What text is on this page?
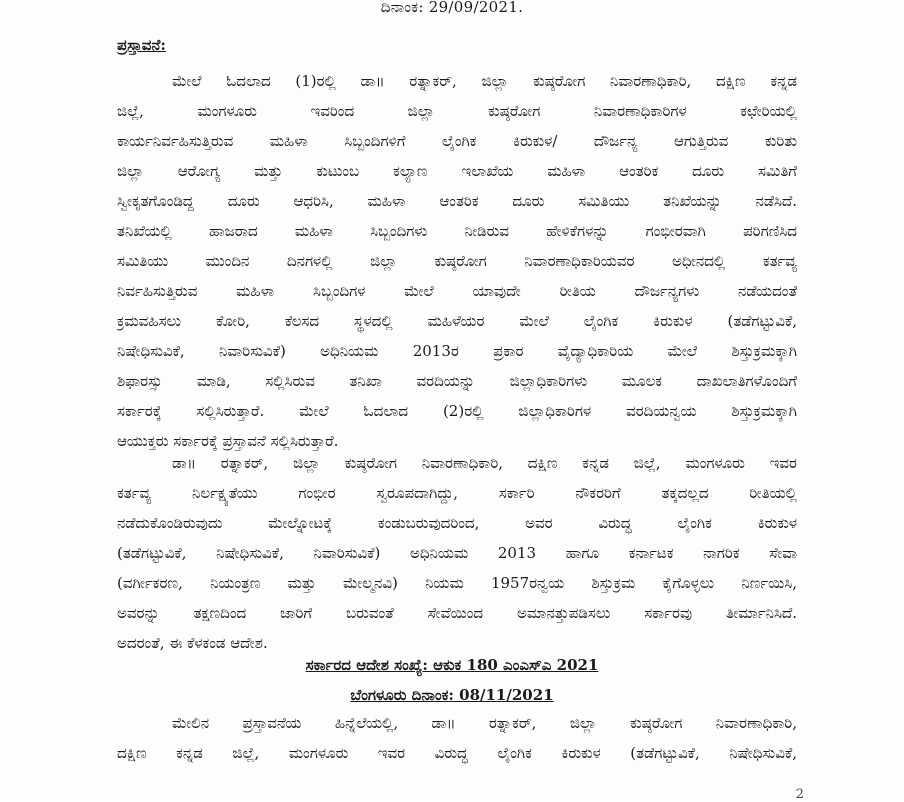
ದಿನಾಂಕ: 29/09/2021.
ಪ್ರಸ್ತಾವನೆ:
ಮೇಲೆ ಓದಲಾದ (1)ರಲ್ಲಿ ಡಾ॥ ರತ್ನಾಕರ್, ಜಿಲ್ಲಾ ಕುಷ್ಠರೋಗ ನಿವಾರಣಾಧಿಕಾರಿ, ದಕ್ಷಿಣ ಕನ್ನಡ
ಜಿಲ್ಲೆ, ಮಂಗಳೂರು ಇವರಿಂದ ಜಿಲ್ಲಾ ಕುಷ್ಠರೋಗ ನಿವಾರಣಾಧಿಕಾರಿಗಳ ಕಛೇರಿಯಲ್ಲಿ
ಕಾರ್ಯನಿರ್ವಹಿಸುತ್ತಿರುವ ಮಹಿಳಾ ಸಿಬ್ಬಂದಿಗಳಿಗೆ ಲೈಂಗಿಕ ಕಿರುಕುಳ/ ದೌರ್ಜನ್ಯ ಆಗುತ್ತಿರುವ ಕುರಿತು
ಜಿಲ್ಲಾ ಆರೋಗ್ಯ ಮತ್ತು ಕುಟುಂಬ ಕಲ್ಯಾಣ ಇಲಾಖೆಯ ಮಹಿಳಾ ಆಂತರಿಕ ದೂರು ಸಮಿತಿಗೆ
ಸ್ವೀಕೃತಗೊಂಡಿದ್ದ ದೂರು ಆಧರಿಸಿ, ಮಹಿಳಾ ಆಂತರಿಕ ದೂರು ಸಮಿತಿಯು ತನಿಖೆಯನ್ನು ನಡೆಸಿದೆ.
ತನಿಖೆಯಲ್ಲಿ ಹಾಜರಾದ ಮಹಿಳಾ ಸಿಬ್ಬಂದಿಗಳು ನೀಡಿರುವ ಹೇಳಿಕೆಗಳನ್ನು ಗಂಭೀರವಾಗಿ ಪರಿಗಣಿಸಿದ
ಸಮಿತಿಯು ಮುಂದಿನ ದಿನಗಳಲ್ಲಿ ಜಿಲ್ಲಾ ಕುಷ್ಠರೋಗ ನಿವಾರಣಾಧಿಕಾರಿಯವರ ಅಧೀನದಲ್ಲಿ ಕರ್ತವ್ಯ
ನಿರ್ವಹಿಸುತ್ತಿರುವ ಮಹಿಳಾ ಸಿಬ್ಬಂದಿಗಳ ಮೇಲೆ ಯಾವುದೇ ರೀತಿಯ ದೌರ್ಜನ್ಯಗಳು ನಡೆಯದಂತೆ
ಕ್ರಮವಹಿಸಲು ಕೋರಿ, ಕೆಲಸದ ಸ್ಥಳದಲ್ಲಿ ಮಹಿಳೆಯರ ಮೇಲೆ ಲೈಂಗಿಕ ಕಿರುಕುಳ (ತಡೆಗಟ್ಟುವಿಕೆ,
ನಿಷೇಧಿಸುವಿಕೆ, ನಿವಾರಿಸುವಿಕೆ) ಅಧಿನಿಯಮ 2013ರ ಪ್ರಕಾರ ವೈದ್ಯಾಧಿಕಾರಿಯ ಮೇಲೆ ಶಿಸ್ತುಕ್ರಮಕ್ಕಾಗಿ
ಶಿಫಾರಸ್ಸು ಮಾಡಿ, ಸಲ್ಲಿಸಿರುವ ತನಿಖಾ ವರದಿಯನ್ನು ಜಿಲ್ಲಾಧಿಕಾರಿಗಳು ಮೂಲಕ ದಾಖಲಾತಿಗಳೊಂದಿಗೆ
ಸರ್ಕಾರಕ್ಕೆ ಸಲ್ಲಿಸಿರುತ್ತಾರೆ. ಮೇಲೆ ಓದಲಾದ (2)ರಲ್ಲಿ ಜಿಲ್ಲಾಧಿಕಾರಿಗಳ ವರದಿಯನ್ವಯ ಶಿಸ್ತುಕ್ರಮಕ್ಕಾಗಿ
ಆಯುಕ್ತರು ಸರ್ಕಾರಕ್ಕೆ ಪ್ರಸ್ತಾವನೆ ಸಲ್ಲಿಸಿರುತ್ತಾರೆ.
ಡಾ॥ ರತ್ನಾಕರ್, ಜಿಲ್ಲಾ ಕುಷ್ಠರೋಗ ನಿವಾರಣಾಧಿಕಾರಿ, ದಕ್ಷಿಣ ಕನ್ನಡ ಜಿಲ್ಲೆ, ಮಂಗಳೂರು ಇವರ
ಕರ್ತವ್ಯ ನಿರ್ಲಕ್ಷ್ಯತೆಯು ಗಂಭೀರ ಸ್ವರೂಪದಾಗಿದ್ದು, ಸರ್ಕಾರಿ ನೌಕರರಿಗೆ ತಕ್ಕದಲ್ಲದ ರೀತಿಯಲ್ಲಿ
ನಡೆದುಕೊಂಡಿರುವುದು ಮೇಲ್ನೋಟಕ್ಕೆ ಕಂಡುಬರುವುದರಿಂದ, ಅವರ ವಿರುದ್ಧ ಲೈಂಗಿಕ ಕಿರುಕುಳ
(ತಡೆಗಟ್ಟುವಿಕೆ, ನಿಷೇಧಿಸುವಿಕೆ, ನಿವಾರಿಸುವಿಕೆ) ಅಧಿನಿಯಮ 2013 ಹಾಗೂ ಕರ್ನಾಟಕ ನಾಗರಿಕ ಸೇವಾ
(ವರ್ಗೀಕರಣ, ನಿಯಂತ್ರಣ ಮತ್ತು ಮೇಲ್ಮನವಿ) ನಿಯಮ 1957ರನ್ವಯ ಶಿಸ್ತುಕ್ರಮ ಕೈಗೊಳ್ಳಲು ನಿರ್ಣಯಿಸಿ,
ಅವರನ್ನು ತಕ್ಷಣದಿಂದ ಜಾರಿಗೆ ಬರುವಂತೆ ಸೇವೆಯಿಂದ ಅಮಾನತ್ತುಪಡಿಸಲು ಸರ್ಕಾರವು ತೀರ್ಮಾನಿಸಿದೆ.
ಅದರಂತೆ, ಈ ಕೆಳಕಂಡ ಆದೇಶ.
ಸರ್ಕಾರದ ಆದೇಶ ಸಂಖ್ಯೆ: ಆಕುಕ 180 ಎಂಎಸ್ಎ 2021
ಬೆಂಗಳೂರು ದಿನಾಂಕ: 08/11/2021
ಮೇಲಿನ ಪ್ರಸ್ತಾವನೆಯ ಹಿನ್ನೆಲೆಯಲ್ಲಿ, ಡಾ॥ ರತ್ನಾಕರ್, ಜಿಲ್ಲಾ ಕುಷ್ಠರೋಗ ನಿವಾರಣಾಧಿಕಾರಿ,
ದಕ್ಷಿಣ ಕನ್ನಡ ಜಿಲ್ಲೆ, ಮಂಗಳೂರು ಇವರ ವಿರುದ್ಧ ಲೈಂಗಿಕ ಕಿರುಕುಳ (ತಡೆಗಟ್ಟುವಿಕೆ, ನಿಷೇಧಿಸುವಿಕೆ,
2
